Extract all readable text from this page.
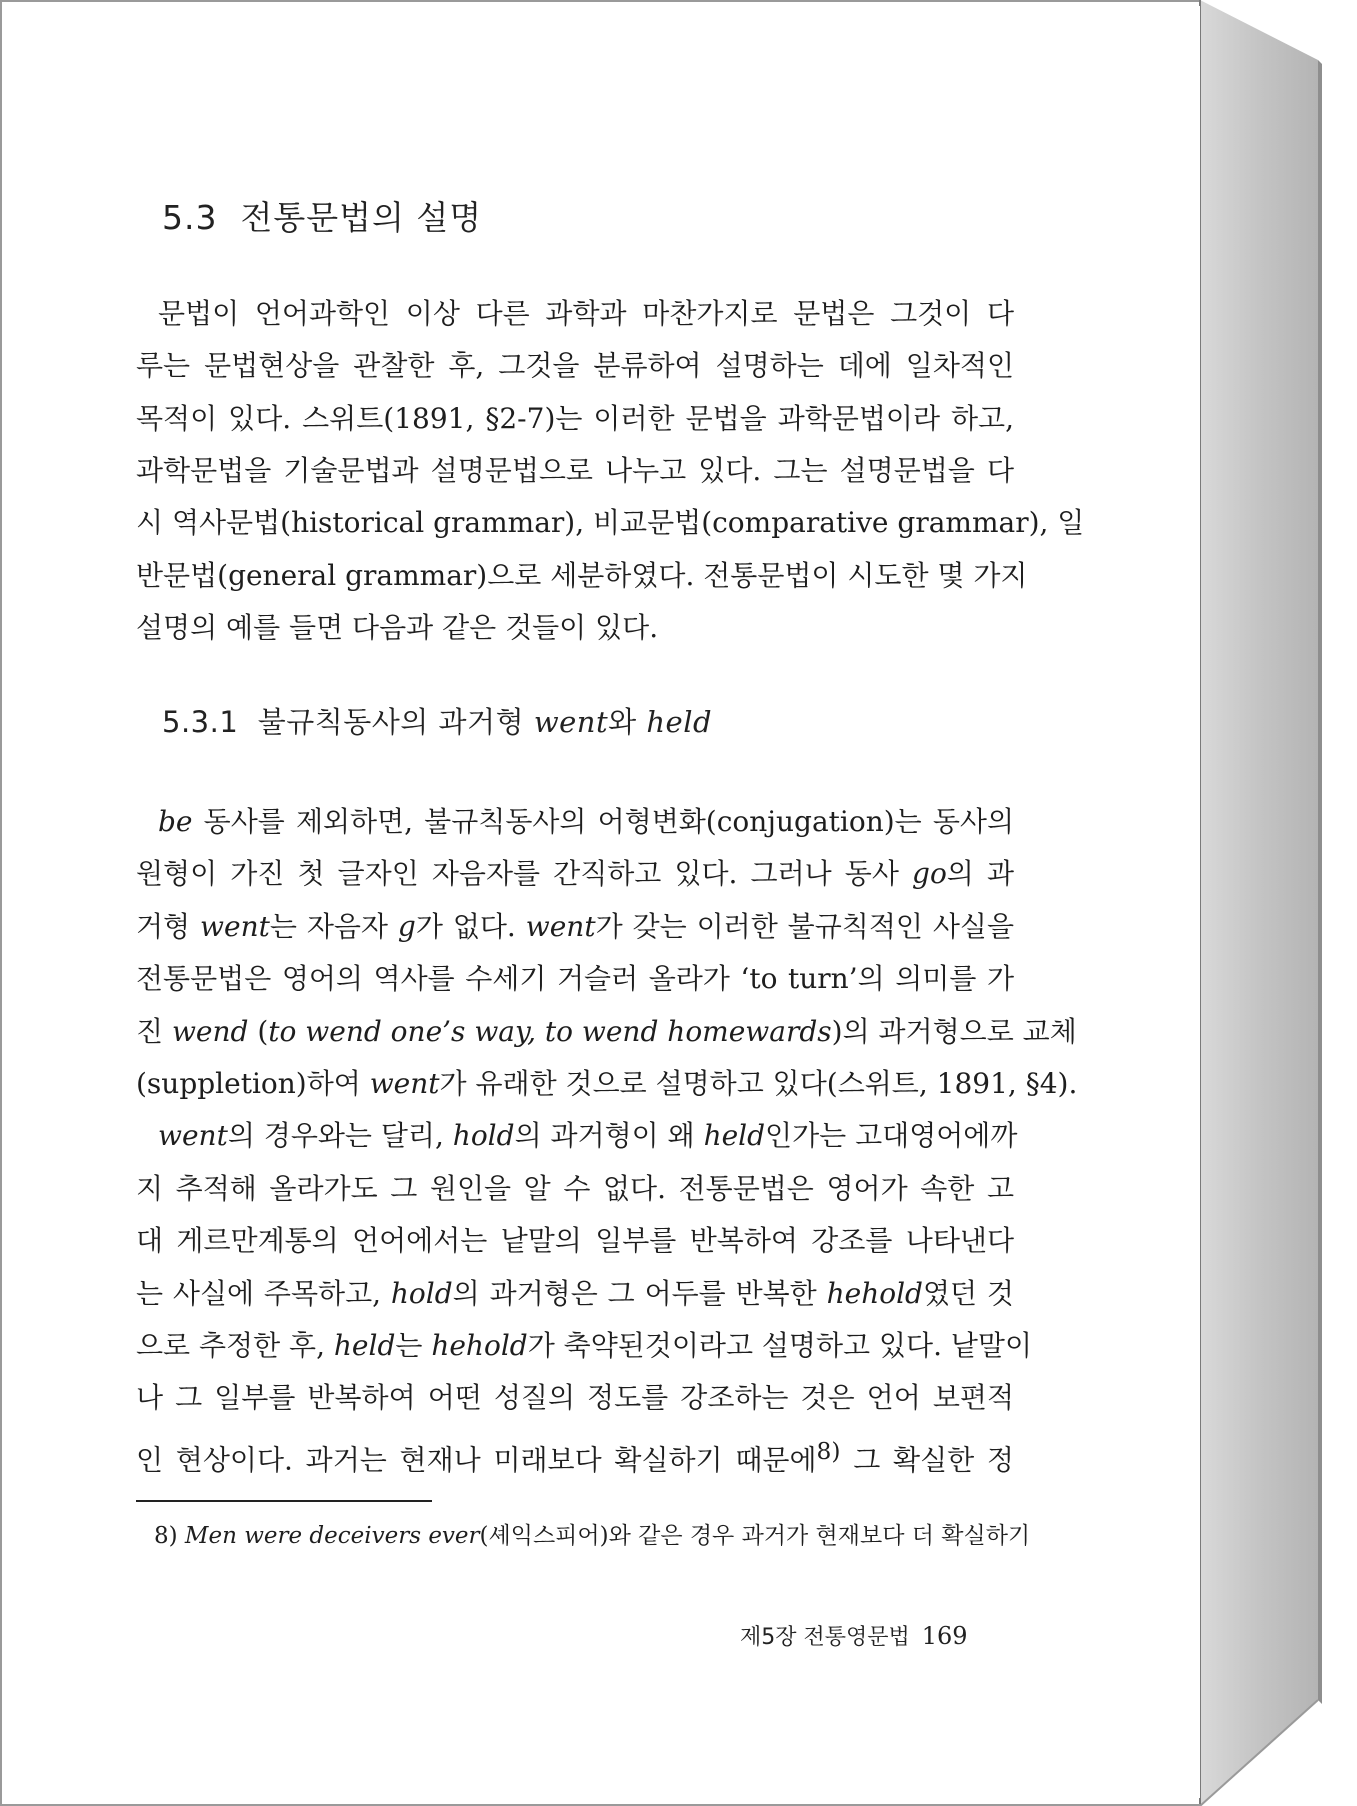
5.3 전통문법의 설명
문법이 언어과학인 이상 다른 과학과 마찬가지로 문법은 그것이 다
루는 문법현상을 관찰한 후, 그것을 분류하여 설명하는 데에 일차적인
목적이 있다. 스위트(1891, §2-7)는 이러한 문법을 과학문법이라 하고,
과학문법을 기술문법과 설명문법으로 나누고 있다. 그는 설명문법을 다
시 역사문법(historical grammar), 비교문법(comparative grammar), 일
반문법(general grammar)으로 세분하였다. 전통문법이 시도한 몇 가지
설명의 예를 들면 다음과 같은 것들이 있다.
5.3.1 불규칙동사의 과거형 went와 held
be 동사를 제외하면, 불규칙동사의 어형변화(conjugation)는 동사의
원형이 가진 첫 글자인 자음자를 간직하고 있다. 그러나 동사 go의 과
거형 went는 자음자 g가 없다. went가 갖는 이러한 불규칙적인 사실을
전통문법은 영어의 역사를 수세기 거슬러 올라가 ‘to turn’의 의미를 가
진 wend (to wend one’s way, to wend homewards)의 과거형으로 교체
(suppletion)하여 went가 유래한 것으로 설명하고 있다(스위트, 1891, §4).
went의 경우와는 달리, hold의 과거형이 왜 held인가는 고대영어에까
지 추적해 올라가도 그 원인을 알 수 없다. 전통문법은 영어가 속한 고
대 게르만계통의 언어에서는 낱말의 일부를 반복하여 강조를 나타낸다
는 사실에 주목하고, hold의 과거형은 그 어두를 반복한 hehold였던 것
으로 추정한 후, held는 hehold가 축약된것이라고 설명하고 있다. 낱말이
나 그 일부를 반복하여 어떤 성질의 정도를 강조하는 것은 언어 보편적
인 현상이다. 과거는 현재나 미래보다 확실하기 때문에$^{8)}$ 그 확실한 정
8) Men were deceivers ever(셰익스피어)와 같은 경우 과거가 현재보다 더 확실하기
제5장 전통영문법 169
